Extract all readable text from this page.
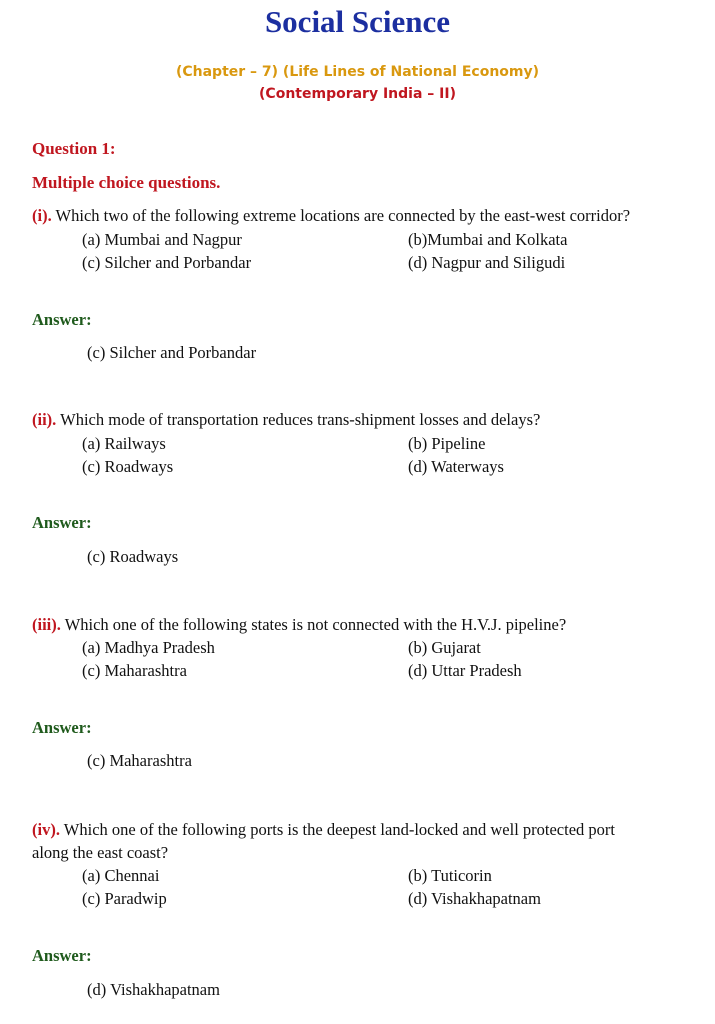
Social Science
(Chapter – 7) (Life Lines of National Economy)
(Contemporary India – II)
Question 1:
Multiple choice questions.
(i). Which two of the following extreme locations are connected by the east-west corridor?
(a) Mumbai and Nagpur	(b)Mumbai and Kolkata
(c) Silcher and Porbandar	(d) Nagpur and Siligudi
Answer:
(c) Silcher and Porbandar
(ii). Which mode of transportation reduces trans-shipment losses and delays?
(a) Railways	(b) Pipeline
(c) Roadways	(d) Waterways
Answer:
(c) Roadways
(iii). Which one of the following states is not connected with the H.V.J. pipeline?
(a) Madhya Pradesh	(b) Gujarat
(c) Maharashtra	(d) Uttar Pradesh
Answer:
(c) Maharashtra
(iv). Which one of the following ports is the deepest land-locked and well protected port
along the east coast?
(a) Chennai	(b) Tuticorin
(c) Paradwip	(d) Vishakhapatnam
Answer:
(d) Vishakhapatnam
